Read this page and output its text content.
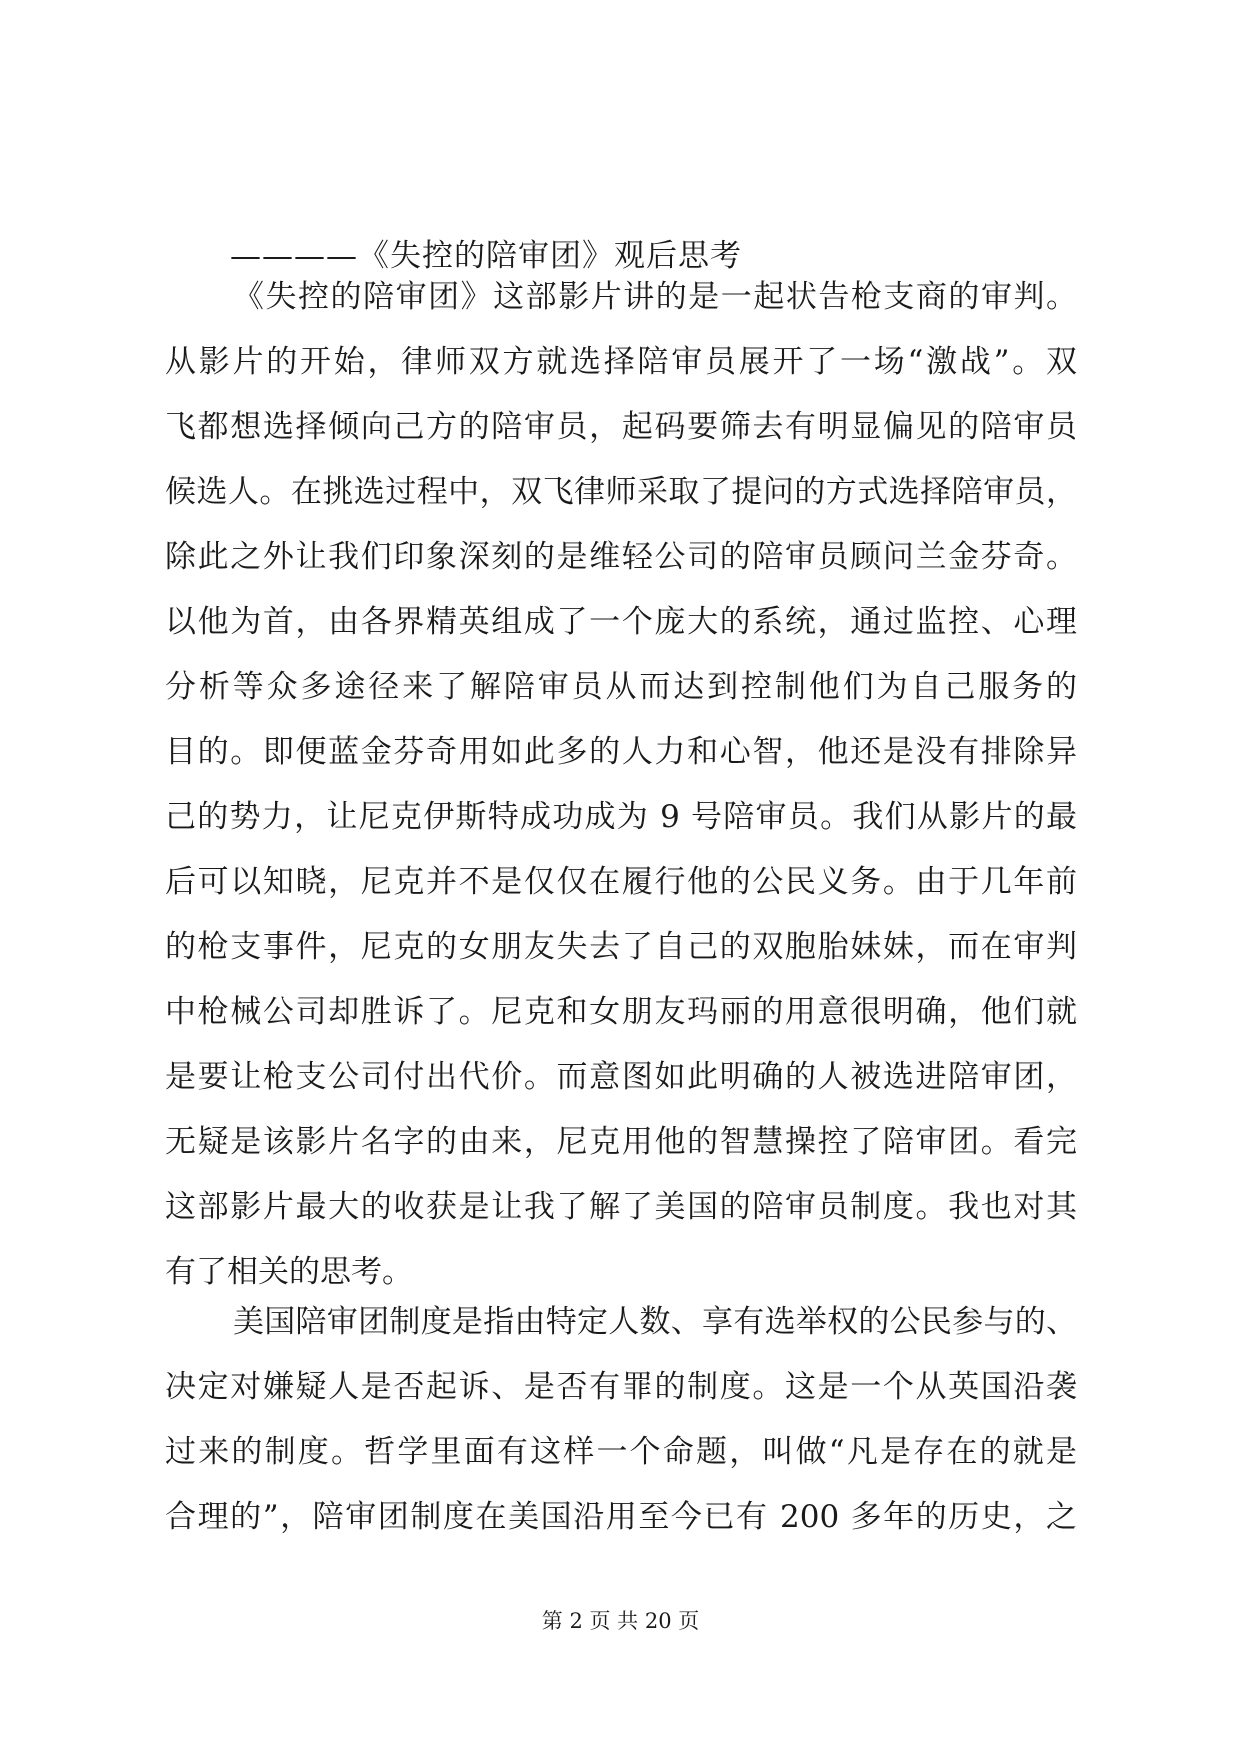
————《失控的陪审团》观后思考

《失控的陪审团》这部影片讲的是一起状告枪支商的审判。
从影片的开始，律师双方就选择陪审员展开了一场“激战”。双
飞都想选择倾向己方的陪审员，起码要筛去有明显偏见的陪审员
候选人。在挑选过程中，双飞律师采取了提问的方式选择陪审员，
除此之外让我们印象深刻的是维轻公司的陪审员顾问兰金芬奇。
以他为首，由各界精英组成了一个庞大的系统，通过监控、心理
分析等众多途径来了解陪审员从而达到控制他们为自己服务的
目的。即便蓝金芬奇用如此多的人力和心智，他还是没有排除异
己的势力，让尼克伊斯特成功成为 9 号陪审员。我们从影片的最
后可以知晓，尼克并不是仅仅在履行他的公民义务。由于几年前
的枪支事件，尼克的女朋友失去了自己的双胞胎妹妹，而在审判
中枪械公司却胜诉了。尼克和女朋友玛丽的用意很明确，他们就
是要让枪支公司付出代价。而意图如此明确的人被选进陪审团，
无疑是该影片名字的由来，尼克用他的智慧操控了陪审团。看完
这部影片最大的收获是让我了解了美国的陪审员制度。我也对其
有了相关的思考。
美国陪审团制度是指由特定人数、享有选举权的公民参与的、
决定对嫌疑人是否起诉、是否有罪的制度。这是一个从英国沿袭
过来的制度。哲学里面有这样一个命题，叫做“凡是存在的就是
合理的”，陪审团制度在美国沿用至今已有 200 多年的历史，之

第 2 页 共 20 页
